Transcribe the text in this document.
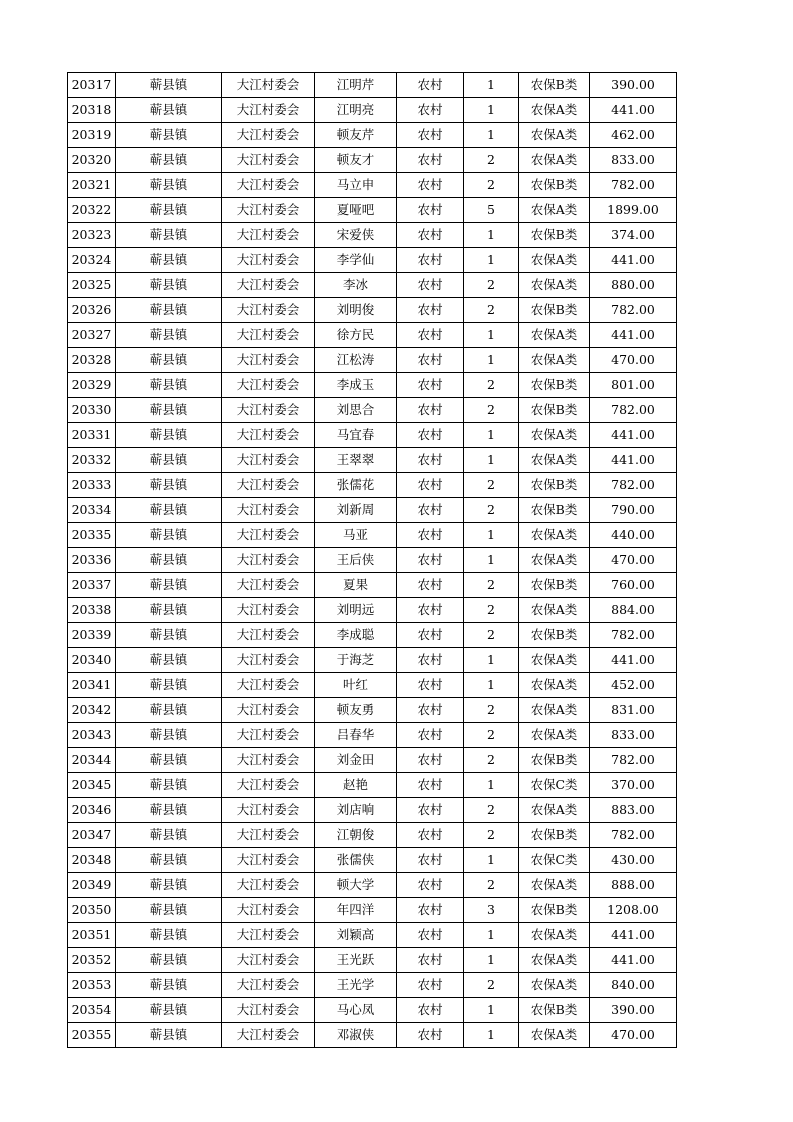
20317	蕲县镇	大江村委会	江明芹	农村	1	农保B类	390.00
20318	蕲县镇	大江村委会	江明亮	农村	1	农保A类	441.00
20319	蕲县镇	大江村委会	顿友芹	农村	1	农保A类	462.00
20320	蕲县镇	大江村委会	顿友才	农村	2	农保A类	833.00
20321	蕲县镇	大江村委会	马立申	农村	2	农保B类	782.00
20322	蕲县镇	大江村委会	夏哑吧	农村	5	农保A类	1899.00
20323	蕲县镇	大江村委会	宋爱侠	农村	1	农保B类	374.00
20324	蕲县镇	大江村委会	李学仙	农村	1	农保A类	441.00
20325	蕲县镇	大江村委会	李冰	农村	2	农保A类	880.00
20326	蕲县镇	大江村委会	刘明俊	农村	2	农保B类	782.00
20327	蕲县镇	大江村委会	徐方民	农村	1	农保A类	441.00
20328	蕲县镇	大江村委会	江松涛	农村	1	农保A类	470.00
20329	蕲县镇	大江村委会	李成玉	农村	2	农保B类	801.00
20330	蕲县镇	大江村委会	刘思合	农村	2	农保B类	782.00
20331	蕲县镇	大江村委会	马宜春	农村	1	农保A类	441.00
20332	蕲县镇	大江村委会	王翠翠	农村	1	农保A类	441.00
20333	蕲县镇	大江村委会	张儒花	农村	2	农保B类	782.00
20334	蕲县镇	大江村委会	刘新周	农村	2	农保B类	790.00
20335	蕲县镇	大江村委会	马亚	农村	1	农保A类	440.00
20336	蕲县镇	大江村委会	王后侠	农村	1	农保A类	470.00
20337	蕲县镇	大江村委会	夏果	农村	2	农保B类	760.00
20338	蕲县镇	大江村委会	刘明远	农村	2	农保A类	884.00
20339	蕲县镇	大江村委会	李成聪	农村	2	农保B类	782.00
20340	蕲县镇	大江村委会	于海芝	农村	1	农保A类	441.00
20341	蕲县镇	大江村委会	叶红	农村	1	农保A类	452.00
20342	蕲县镇	大江村委会	顿友勇	农村	2	农保A类	831.00
20343	蕲县镇	大江村委会	吕春华	农村	2	农保A类	833.00
20344	蕲县镇	大江村委会	刘金田	农村	2	农保B类	782.00
20345	蕲县镇	大江村委会	赵艳	农村	1	农保C类	370.00
20346	蕲县镇	大江村委会	刘店响	农村	2	农保A类	883.00
20347	蕲县镇	大江村委会	江朝俊	农村	2	农保B类	782.00
20348	蕲县镇	大江村委会	张儒侠	农村	1	农保C类	430.00
20349	蕲县镇	大江村委会	顿大学	农村	2	农保A类	888.00
20350	蕲县镇	大江村委会	年四洋	农村	3	农保B类	1208.00
20351	蕲县镇	大江村委会	刘颖高	农村	1	农保A类	441.00
20352	蕲县镇	大江村委会	王光跃	农村	1	农保A类	441.00
20353	蕲县镇	大江村委会	王光学	农村	2	农保A类	840.00
20354	蕲县镇	大江村委会	马心凤	农村	1	农保B类	390.00
20355	蕲县镇	大江村委会	邓淑侠	农村	1	农保A类	470.00
